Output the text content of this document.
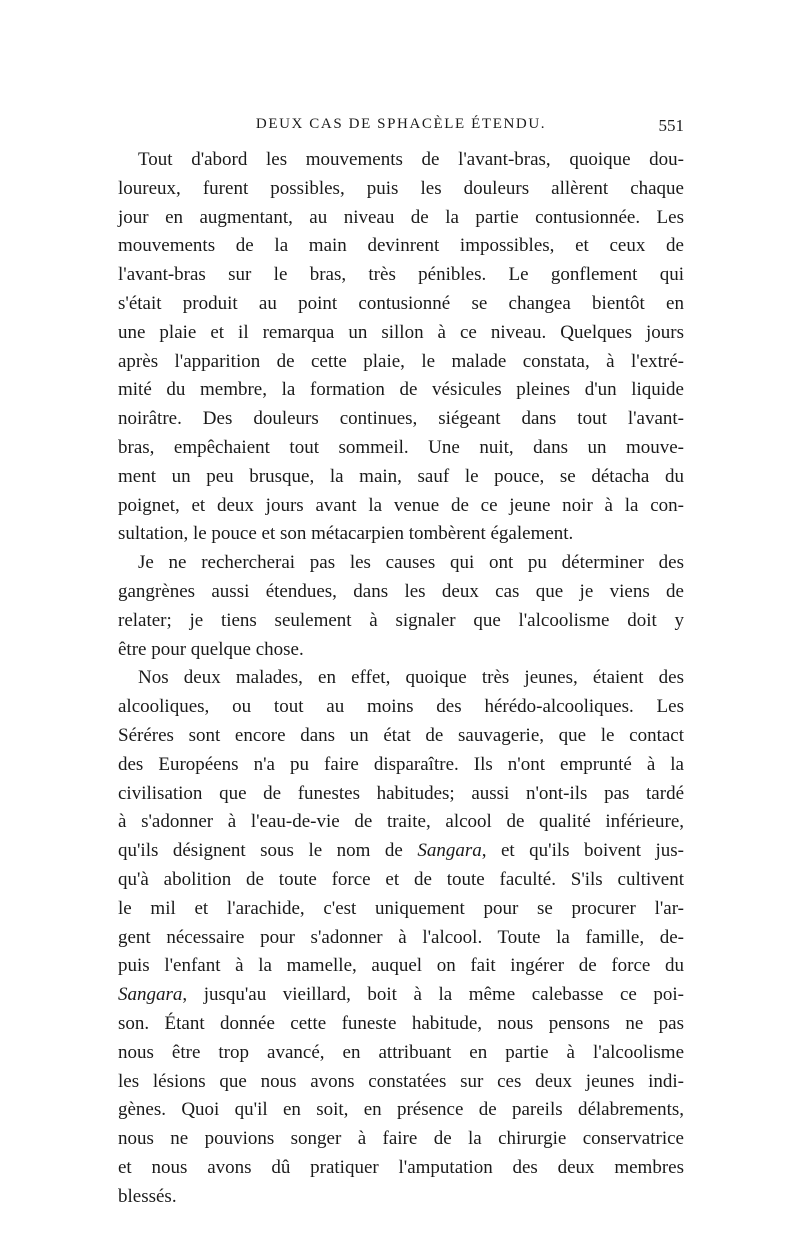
DEUX CAS DE SPHACÈLE ÉTENDU.	551
Tout d'abord les mouvements de l'avant-bras, quoique dou-
loureux, furent possibles, puis les douleurs allèrent chaque
jour en augmentant, au niveau de la partie contusionnée. Les
mouvements de la main devinrent impossibles, et ceux de
l'avant-bras sur le bras, très pénibles. Le gonflement qui
s'était produit au point contusionné se changea bientôt en
une plaie et il remarqua un sillon à ce niveau. Quelques jours
après l'apparition de cette plaie, le malade constata, à l'extré-
mité du membre, la formation de vésicules pleines d'un liquide
noirâtre. Des douleurs continues, siégeant dans tout l'avant-
bras, empêchaient tout sommeil. Une nuit, dans un mouve-
ment un peu brusque, la main, sauf le pouce, se détacha du
poignet, et deux jours avant la venue de ce jeune noir à la con-
sultation, le pouce et son métacarpien tombèrent également.
Je ne rechercherai pas les causes qui ont pu déterminer des
gangrènes aussi étendues, dans les deux cas que je viens de
relater; je tiens seulement à signaler que l'alcoolisme doit y
être pour quelque chose.
Nos deux malades, en effet, quoique très jeunes, étaient des
alcooliques, ou tout au moins des hérédo-alcooliques. Les
Séréres sont encore dans un état de sauvagerie, que le contact
des Européens n'a pu faire disparaître. Ils n'ont emprunté à la
civilisation que de funestes habitudes; aussi n'ont-ils pas tardé
à s'adonner à l'eau-de-vie de traite, alcool de qualité inférieure,
qu'ils désignent sous le nom de Sangara, et qu'ils boivent jus-
qu'à abolition de toute force et de toute faculté. S'ils cultivent
le mil et l'arachide, c'est uniquement pour se procurer l'ar-
gent nécessaire pour s'adonner à l'alcool. Toute la famille, de-
puis l'enfant à la mamelle, auquel on fait ingérer de force du
Sangara, jusqu'au vieillard, boit à la même calebasse ce poi-
son. Étant donnée cette funeste habitude, nous pensons ne pas
nous être trop avancé, en attribuant en partie à l'alcoolisme
les lésions que nous avons constatées sur ces deux jeunes indi-
gènes. Quoi qu'il en soit, en présence de pareils délabrements,
nous ne pouvions songer à faire de la chirurgie conservatrice
et nous avons dû pratiquer l'amputation des deux membres
blessés.
